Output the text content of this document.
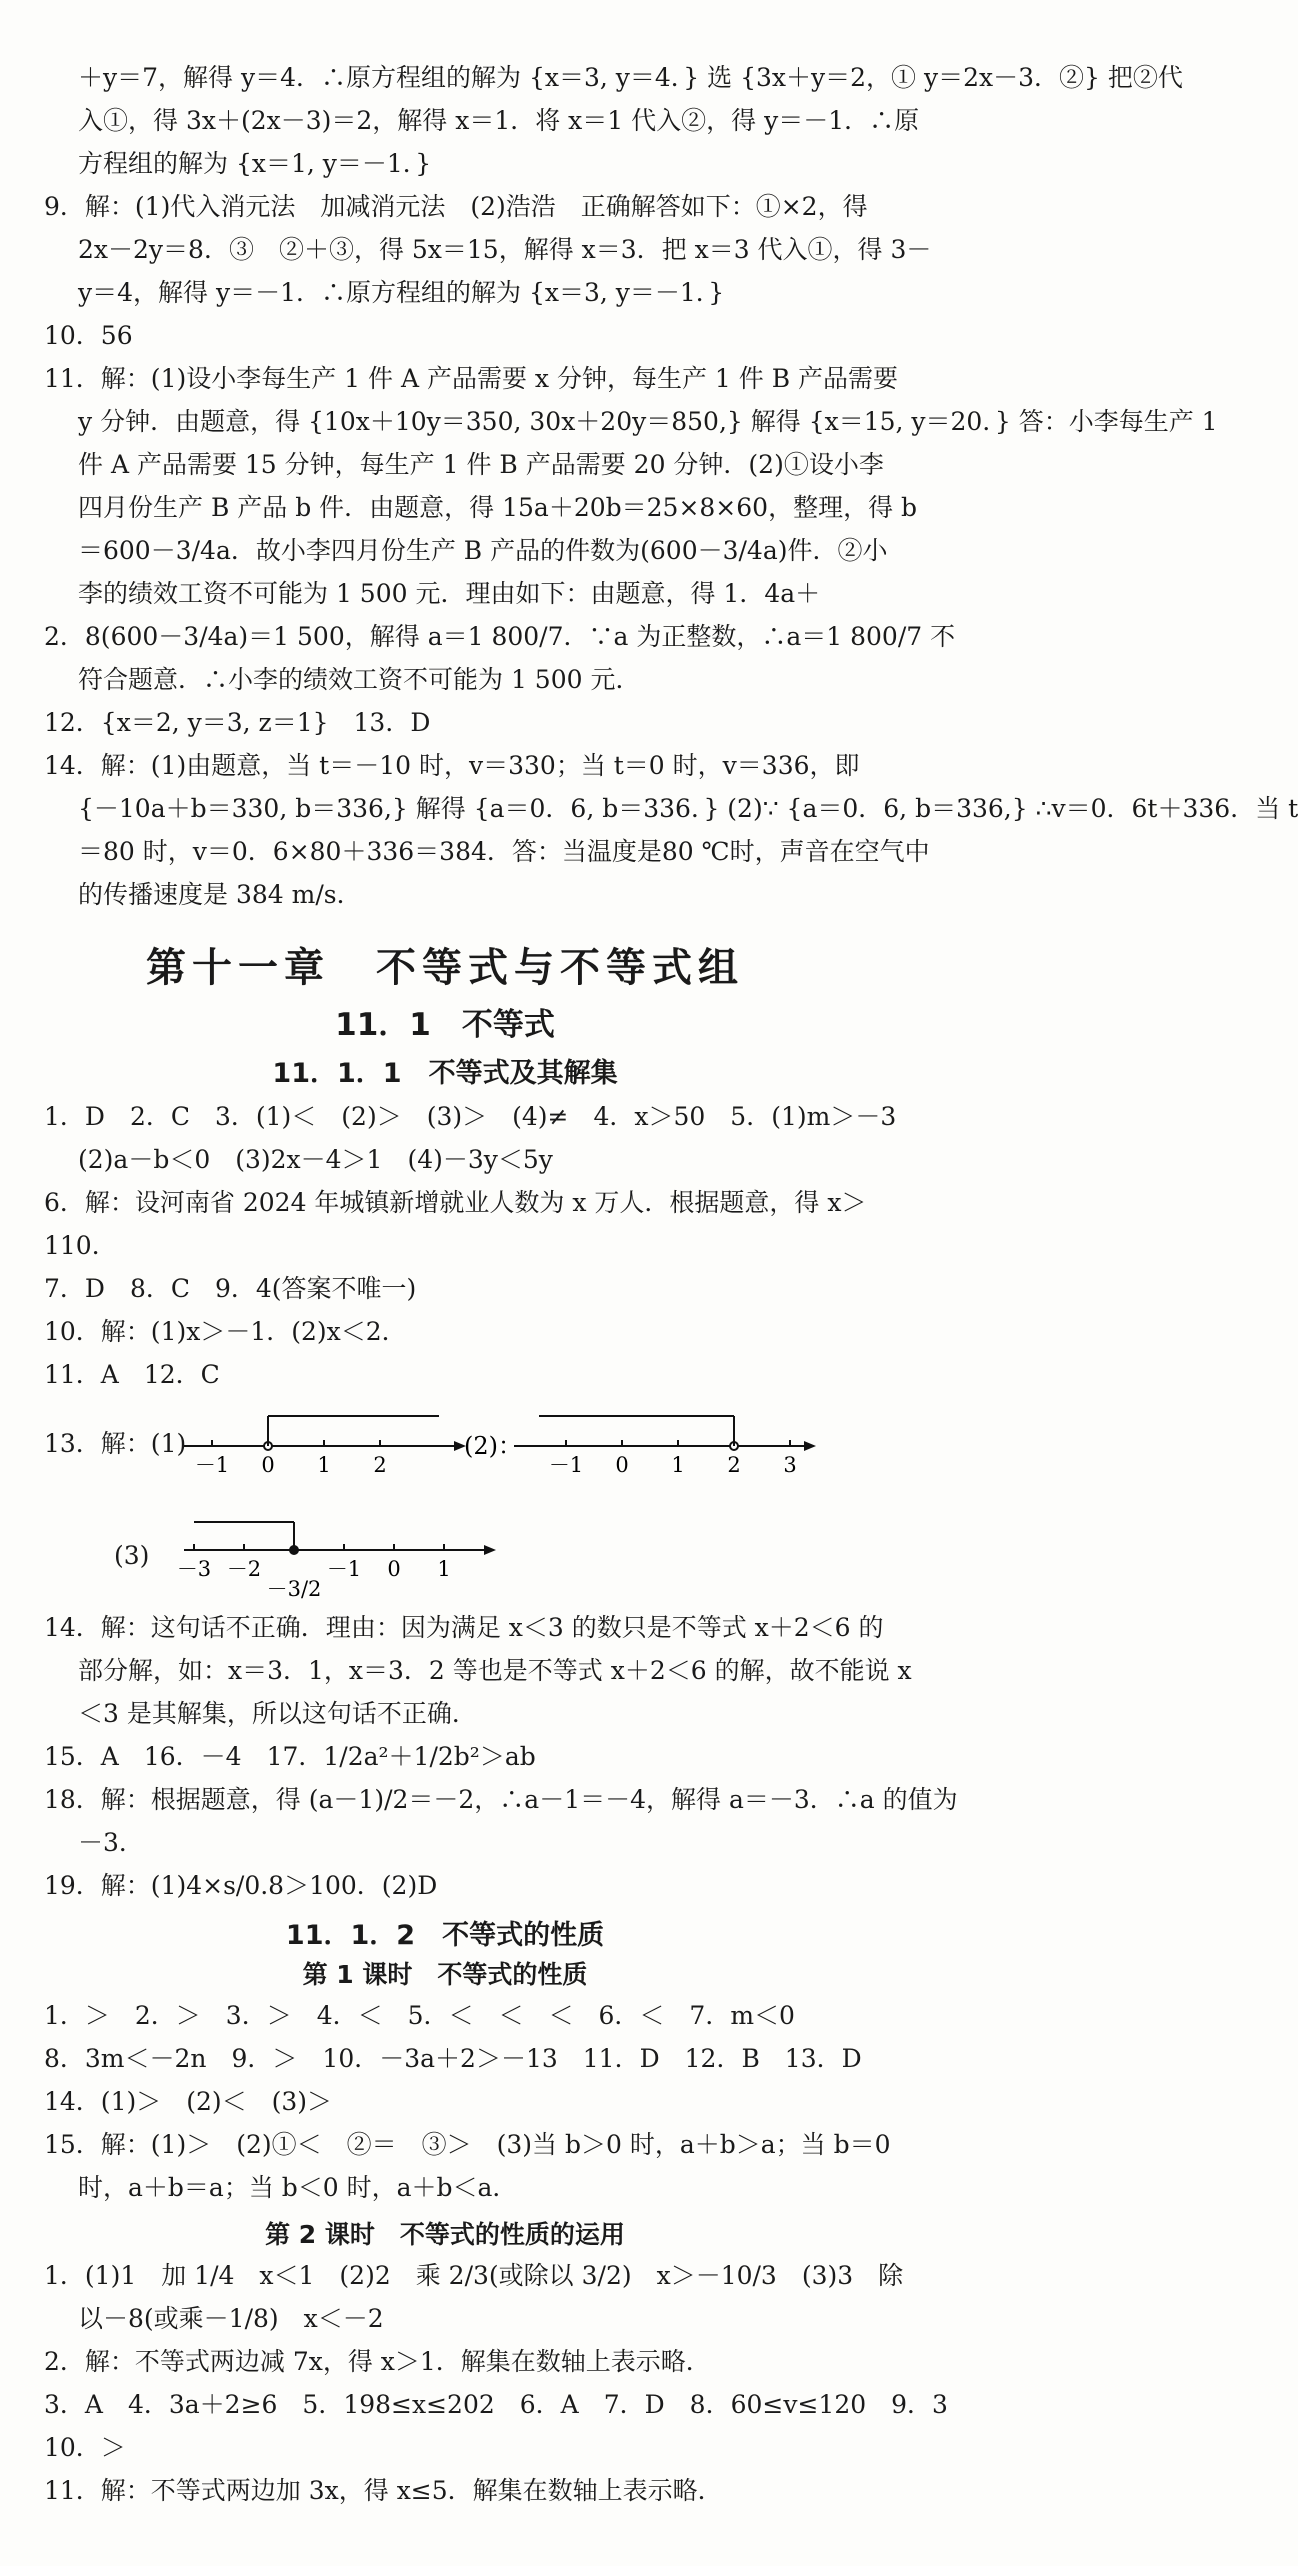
＋y＝7，解得 y＝4．∴原方程组的解为 {x＝3, y＝4．} 选 {3x＋y＝2，① y＝2x－3．②} 把②代
入①，得 3x＋(2x－3)＝2，解得 x＝1．将 x＝1 代入②，得 y＝－1．∴原
方程组的解为 {x＝1, y＝－1．}
9．解：(1)代入消元法　加减消元法　(2)浩浩　正确解答如下：①×2，得
2x－2y＝8．③　②＋③，得 5x＝15，解得 x＝3．把 x＝3 代入①，得 3－
y＝4，解得 y＝－1．∴原方程组的解为 {x＝3, y＝－1．}
10．56
11．解：(1)设小李每生产 1 件 A 产品需要 x 分钟，每生产 1 件 B 产品需要
y 分钟．由题意，得 {10x＋10y＝350, 30x＋20y＝850,} 解得 {x＝15, y＝20．} 答：小李每生产 1
件 A 产品需要 15 分钟，每生产 1 件 B 产品需要 20 分钟．(2)①设小李
四月份生产 B 产品 b 件．由题意，得 15a＋20b＝25×8×60，整理，得 b
＝600－3/4a．故小李四月份生产 B 产品的件数为(600－3/4a)件．②小
李的绩效工资不可能为 1 500 元．理由如下：由题意，得 1．4a＋
2．8(600－3/4a)＝1 500，解得 a＝1 800/7．∵a 为正整数，∴a＝1 800/7 不
符合题意．∴小李的绩效工资不可能为 1 500 元．
12．{x＝2, y＝3, z＝1}　13．D
14．解：(1)由题意，当 t＝－10 时，v＝330；当 t＝0 时，v＝336，即
{－10a＋b＝330, b＝336,} 解得 {a＝0．6, b＝336．} (2)∵ {a＝0．6, b＝336,} ∴v＝0．6t＋336．当 t
＝80 时，v＝0．6×80＋336＝384．答：当温度是80 ℃时，声音在空气中
的传播速度是 384 m/s．
第十一章　不等式与不等式组
11．1　不等式
11．1．1　不等式及其解集
1．D　2．C　3．(1)＜　(2)＞　(3)＞　(4)≠　4．x＞50　5．(1)m＞－3
(2)a－b＜0　(3)2x－4＞1　(4)－3y＜5y
6．解：设河南省 2024 年城镇新增就业人数为 x 万人．根据题意，得 x＞
110．
7．D　8．C　9．4(答案不唯一)
10．解：(1)x＞－1．(2)x＜2．
11．A　12．C
13．解：(1)
－1 0 1 2
(2)：
－1 0 1 2 3
(3) －3 －2
－3/2
－1 0 1
14．解：这句话不正确．理由：因为满足 x＜3 的数只是不等式 x＋2＜6 的
部分解，如：x＝3．1，x＝3．2 等也是不等式 x＋2＜6 的解，故不能说 x
＜3 是其解集，所以这句话不正确．
15．A　16．－4　17．1/2a²＋1/2b²＞ab
18．解：根据题意，得 (a－1)/2＝－2，∴a－1＝－4，解得 a＝－3．∴a 的值为
－3．
19．解：(1)4×s/0.8＞100．(2)D
11．1．2　不等式的性质
第 1 课时　不等式的性质
1．＞　2．＞　3．＞　4．＜　5．＜　＜　＜　6．＜　7．m＜0
8．3m＜－2n　9．＞　10．－3a＋2＞－13　11．D　12．B　13．D
14．(1)＞　(2)＜　(3)＞
15．解：(1)＞　(2)①＜　②＝　③＞　(3)当 b＞0 时，a＋b＞a；当 b＝0
时，a＋b＝a；当 b＜0 时，a＋b＜a．
第 2 课时　不等式的性质的运用
1．(1)1　加 1/4　x＜1　(2)2　乘 2/3(或除以 3/2)　x＞－10/3　(3)3　除
以－8(或乘－1/8)　x＜－2
2．解：不等式两边减 7x，得 x＞1．解集在数轴上表示略．
3．A　4．3a＋2≥6　5．198≤x≤202　6．A　7．D　8．60≤v≤120　9．3
10．＞
11．解：不等式两边加 3x，得 x≤5．解集在数轴上表示略．
